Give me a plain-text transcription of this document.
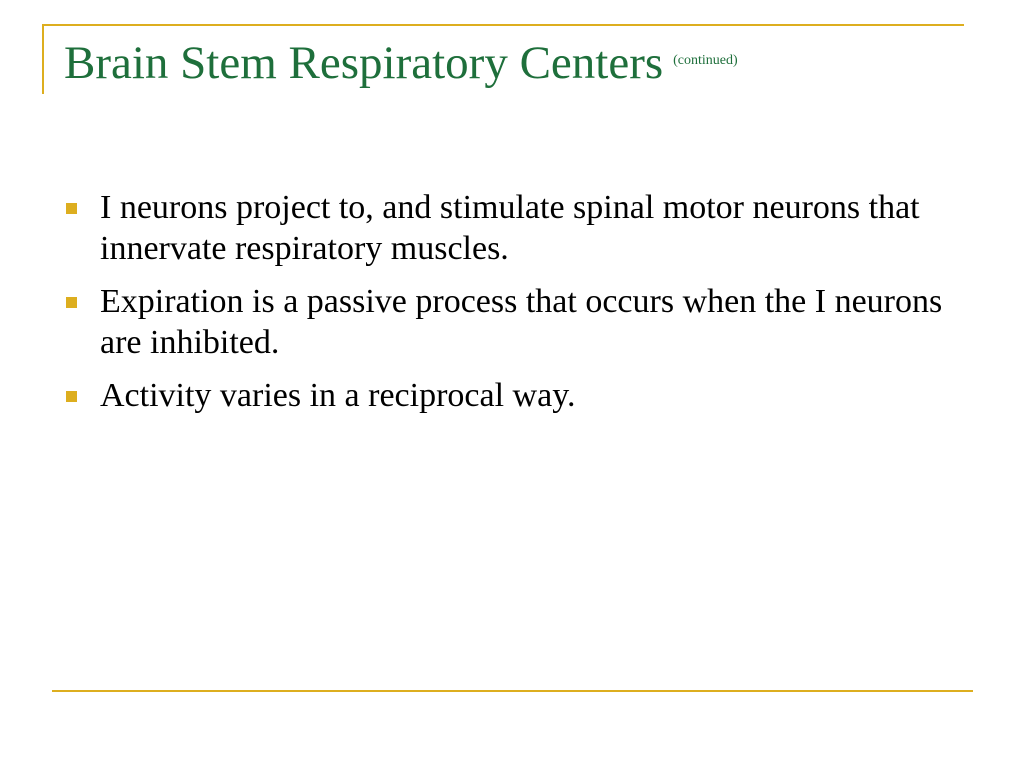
Brain Stem Respiratory Centers (continued)
I neurons project to, and stimulate spinal motor neurons that innervate respiratory muscles.
Expiration is a passive process that occurs when the I neurons are inhibited.
Activity varies in a reciprocal way.
